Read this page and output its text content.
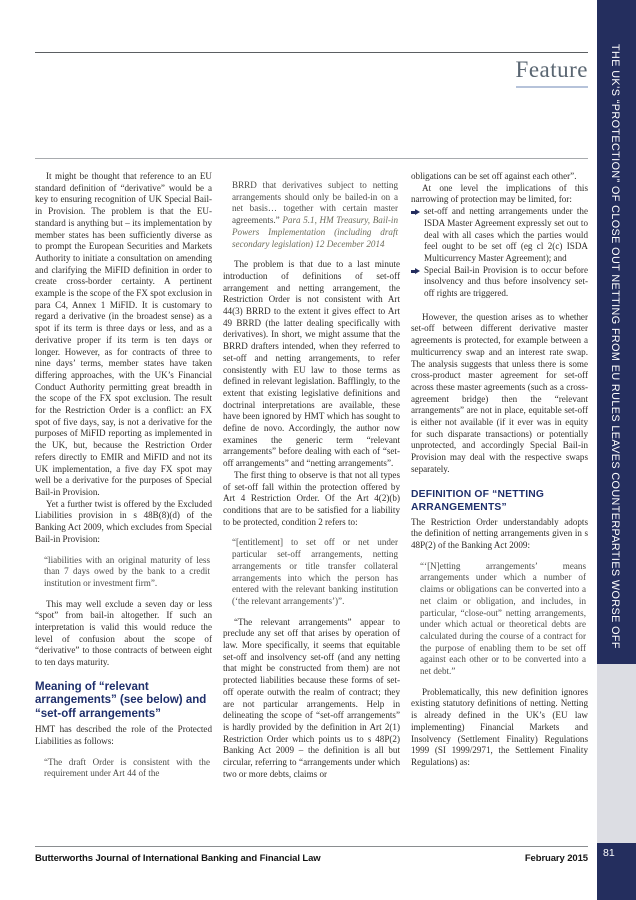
Feature

It might be thought that reference to an EU standard definition of “derivative” would be a key to ensuring recognition of UK Special Bail-in Provision. The problem is that the EU-standard is anything but – its implementation by member states has been sufficiently diverse as to prompt the European Securities and Markets Authority to initiate a consultation on amending and clarifying the MiFID definition in order to create cross-border certainty. A pertinent example is the scope of the FX spot exclusion in para C4, Annex 1 MiFID. It is customary to regard a derivative (in the broadest sense) as a spot if its term is three days or less, and as a derivative proper if its term is ten days or longer. However, as for contracts of three to nine days’ terms, member states have taken differing approaches, with the UK’s Financial Conduct Authority permitting great breadth in the scope of the FX spot exclusion. The result for the Restriction Order is a conflict: an FX spot of five days, say, is not a derivative for the purposes of MiFID reporting as implemented in the UK, but, because the Restriction Order refers directly to EMIR and MiFID and not its UK implementation, a five day FX spot may well be a derivative for the purposes of Special Bail-in Provision.

Yet a further twist is offered by the Excluded Liabilities provision in s 48B(8)(d) of the Banking Act 2009, which excludes from Special Bail-in Provision:

“liabilities with an original maturity of less than 7 days owed by the bank to a credit institution or investment firm”.

This may well exclude a seven day or less “spot” from bail-in altogether. If such an interpretation is valid this would reduce the level of confusion about the scope of “derivative” to those contracts of between eight to ten days maturity.

Meaning of “relevant arrangements” (see below) and “set-off arrangements”

HMT has described the role of the Protected Liabilities as follows:

“The draft Order is consistent with the requirement under Art 44 of the
BRRD that derivatives subject to netting arrangements should only be bailed-in on a net basis… together with certain master agreements.” Para 5.1, HM Treasury, Bail-in Powers Implementation (including draft secondary legislation) 12 December 2014

The problem is that due to a last minute introduction of definitions of set-off arrangement and netting arrangement, the Restriction Order is not consistent with Art 44(3) BRRD to the extent it gives effect to Art 49 BRRD (the latter dealing specifically with derivatives). In short, we might assume that the BRRD drafters intended, when they referred to set-off and netting arrangements, to refer consistently with EU law to those terms as defined in relevant legislation. Bafflingly, to the extent that existing legislative definitions and doctrinal interpretations are available, these have been ignored by HMT which has sought to define de novo. Accordingly, the author now examines the generic term “relevant arrangements” before dealing with each of “set-off arrangements” and “netting arrangements”.

The first thing to observe is that not all types of set-off fall within the protection offered by Art 4 Restriction Order. Of the Art 4(2)(b) conditions that are to be satisfied for a liability to be protected, condition 2 refers to:

“[entitlement] to set off or net under particular set-off arrangements, netting arrangements or title transfer collateral arrangements into which the person has entered with the relevant banking institution (‘the relevant arrangements’)”.

“The relevant arrangements” appear to preclude any set off that arises by operation of law. More specifically, it seems that equitable set-off and insolvency set-off (and any netting that might be constructed from them) are not protected liabilities because these forms of set-off operate outwith the realm of contract; they are not particular arrangements. Help in delineating the scope of “set-off arrangements” is hardly provided by the definition in Art 2(1) Restriction Order which points us to s 48P(2) Banking Act 2009 – the definition is all but circular, referring to “arrangements under which two or more debts, claims or

obligations can be set off against each other”.

At one level the implications of this narrowing of protection may be limited, for:

set-off and netting arrangements under the ISDA Master Agreement expressly set out to deal with all cases which the parties would feel ought to be set off (eg cl 2(c) ISDA Multicurrency Master Agreement); and
Special Bail-in Provision is to occur before insolvency and thus before insolvency set-off rights are triggered.

However, the question arises as to whether set-off between different derivative master agreements is protected, for example between a multicurrency swap and an interest rate swap. The analysis suggests that unless there is some cross-product master agreement for set-off across these master agreements (such as a cross-agreement bridge) then the “relevant arrangements” are not in place, equitable set-off is either not available (if it ever was in equity for such disparate transactions) or potentially unprotected, and accordingly Special Bail-in Provision may deal with the respective swaps separately.

DEFINITION OF “NETTING ARRANGEMENTS”

The Restriction Order understandably adopts the definition of netting arrangements given in s 48P(2) of the Banking Act 2009:

“‘[N]etting arrangements’ means arrangements under which a number of claims or obligations can be converted into a net claim or obligation, and includes, in particular, “close-out” netting arrangements, under which actual or theoretical debts are calculated during the course of a contract for the purpose of enabling them to be set off against each other or to be converted into a net debt.”

Problematically, this new definition ignores existing statutory definitions of netting. Netting is already defined in the UK’s (EU law implementing) Financial Markets and Insolvency (Settlement Finality) Regulations 1999 (SI 1999/2971, the Settlement Finality Regulations) as:

Butterworths Journal of International Banking and Financial Law	February 2015
THE UK’S “PROTECTION” OF CLOSE OUT NETTING FROM EU RULES LEAVES COUNTERPARTIES WORSE OFF
81
